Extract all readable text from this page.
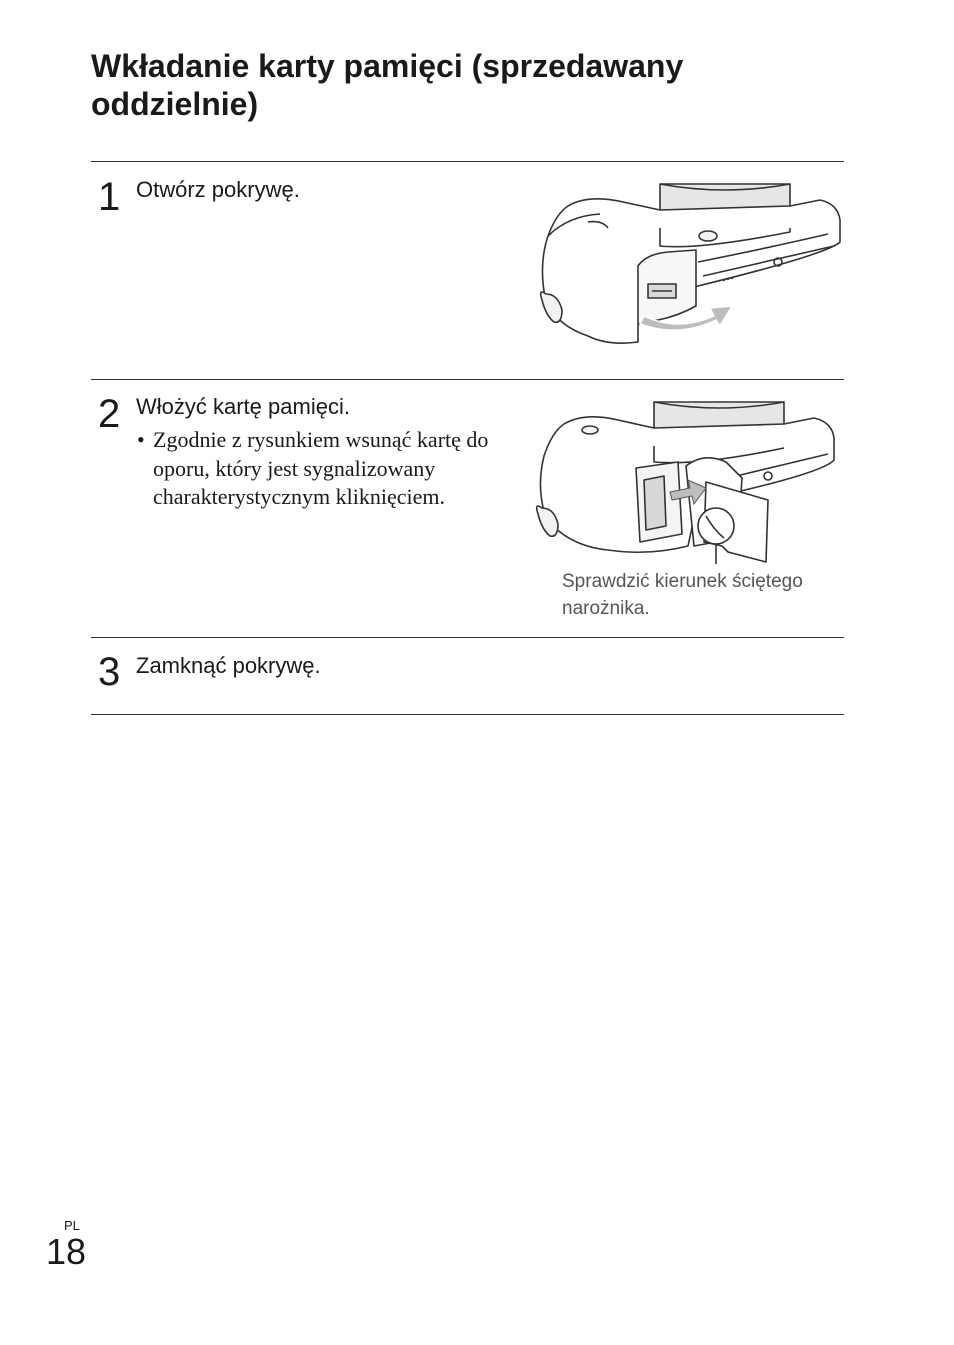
Wkładanie karty pamięci (sprzedawany oddzielnie)
1 Otwórz pokrywę.
2 Włożyć kartę pamięci.
• Zgodnie z rysunkiem wsunąć kartę do oporu, który jest sygnalizowany charakterystycznym kliknięciem.
Sprawdzić kierunek ściętego narożnika.
3 Zamknąć pokrywę.
PL
18
